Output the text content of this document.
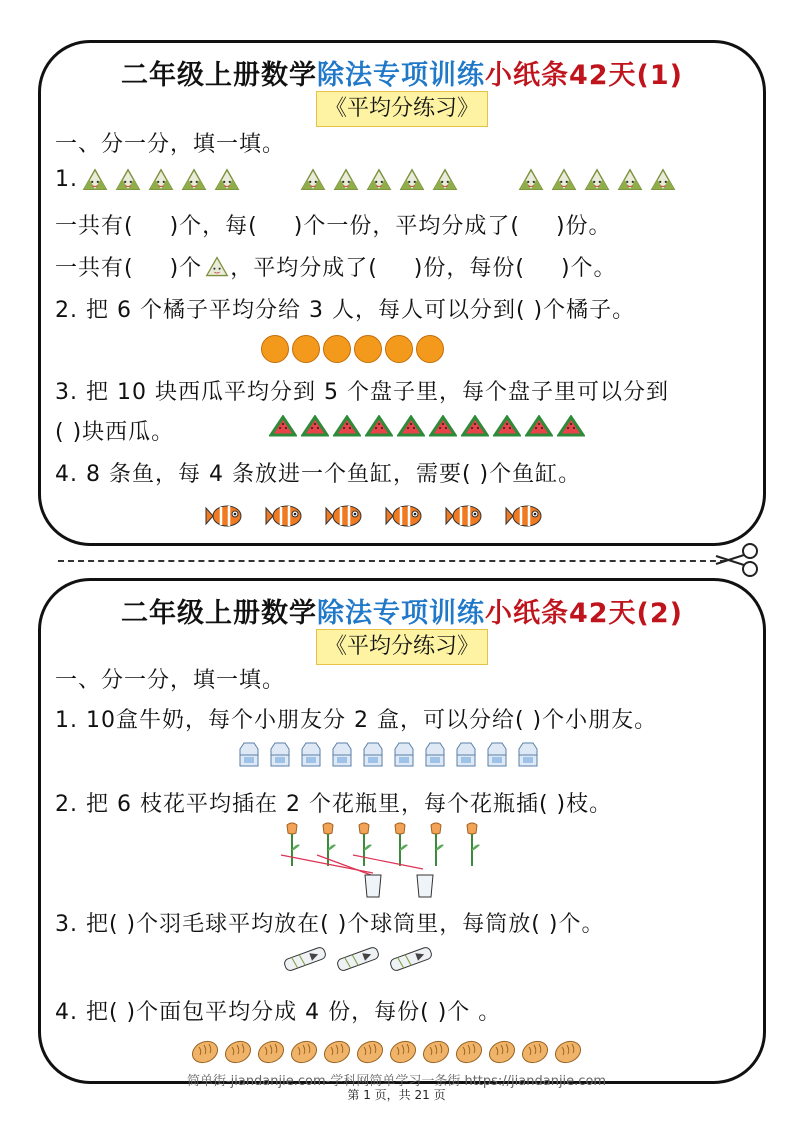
二年级上册数学除法专项训练小纸条42天(1)
《平均分练习》
一、分一分，填一填。
1.
一共有( )个，每( )个一份，平均分成了( )份。
一共有( )个 ，平均分成了( )份，每份( )个。
2. 把 6 个橘子平均分给 3 人，每人可以分到( )个橘子。
3. 把 10 块西瓜平均分到 5 个盘子里，每个盘子里可以分到
( )块西瓜。
4. 8 条鱼，每 4 条放进一个鱼缸，需要( )个鱼缸。
二年级上册数学除法专项训练小纸条42天(2)
《平均分练习》
一、分一分，填一填。
1. 10盒牛奶，每个小朋友分 2 盒，可以分给( )个小朋友。
2. 把 6 枝花平均插在 2 个花瓶里，每个花瓶插( )枝。
3. 把( )个羽毛球平均放在( )个球筒里，每筒放( )个。
4. 把( )个面包平均分成 4 份，每份( )个 。
简单街-jiandanjie.com-学科网简单学习一条街 https://jiandanjie.com
第 1 页，共 21 页
